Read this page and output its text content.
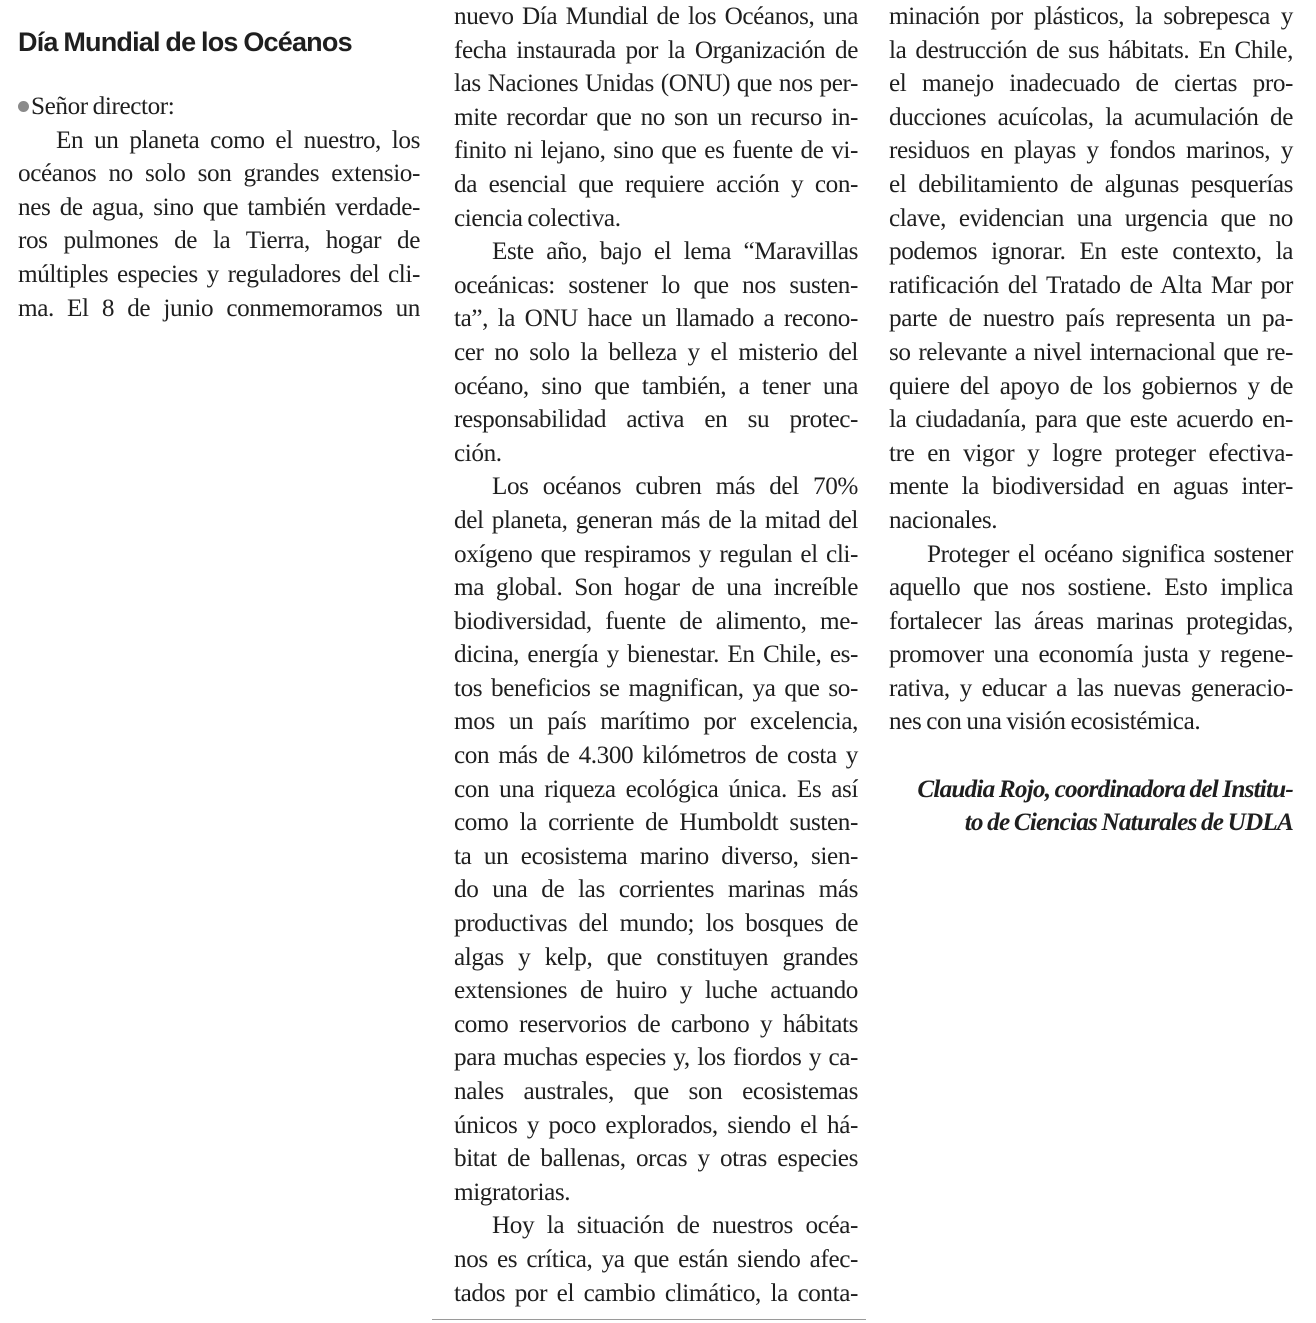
Día Mundial de los Océanos
Señor director:
En un planeta como el nuestro, los
océanos no solo son grandes extensio-
nes de agua, sino que también verdade-
ros pulmones de la Tierra, hogar de
múltiples especies y reguladores del cli-
ma. El 8 de junio conmemoramos un
nuevo Día Mundial de los Océanos, una
fecha instaurada por la Organización de
las Naciones Unidas (ONU) que nos per-
mite recordar que no son un recurso in-
finito ni lejano, sino que es fuente de vi-
da esencial que requiere acción y con-
ciencia colectiva.
Este año, bajo el lema “Maravillas
oceánicas: sostener lo que nos susten-
ta”, la ONU hace un llamado a recono-
cer no solo la belleza y el misterio del
océano, sino que también, a tener una
responsabilidad activa en su protec-
ción.
Los océanos cubren más del 70%
del planeta, generan más de la mitad del
oxígeno que respiramos y regulan el cli-
ma global. Son hogar de una increíble
biodiversidad, fuente de alimento, me-
dicina, energía y bienestar. En Chile, es-
tos beneficios se magnifican, ya que so-
mos un país marítimo por excelencia,
con más de 4.300 kilómetros de costa y
con una riqueza ecológica única. Es así
como la corriente de Humboldt susten-
ta un ecosistema marino diverso, sien-
do una de las corrientes marinas más
productivas del mundo; los bosques de
algas y kelp, que constituyen grandes
extensiones de huiro y luche actuando
como reservorios de carbono y hábitats
para muchas especies y, los fiordos y ca-
nales australes, que son ecosistemas
únicos y poco explorados, siendo el há-
bitat de ballenas, orcas y otras especies
migratorias.
Hoy la situación de nuestros océa-
nos es crítica, ya que están siendo afec-
tados por el cambio climático, la conta-
minación por plásticos, la sobrepesca y
la destrucción de sus hábitats. En Chile,
el manejo inadecuado de ciertas pro-
ducciones acuícolas, la acumulación de
residuos en playas y fondos marinos, y
el debilitamiento de algunas pesquerías
clave, evidencian una urgencia que no
podemos ignorar. En este contexto, la
ratificación del Tratado de Alta Mar por
parte de nuestro país representa un pa-
so relevante a nivel internacional que re-
quiere del apoyo de los gobiernos y de
la ciudadanía, para que este acuerdo en-
tre en vigor y logre proteger efectiva-
mente la biodiversidad en aguas inter-
nacionales.
Proteger el océano significa sostener
aquello que nos sostiene. Esto implica
fortalecer las áreas marinas protegidas,
promover una economía justa y regene-
rativa, y educar a las nuevas generacio-
nes con una visión ecosistémica.
Claudia Rojo, coordinadora del Institu-
to de Ciencias Naturales de UDLA
